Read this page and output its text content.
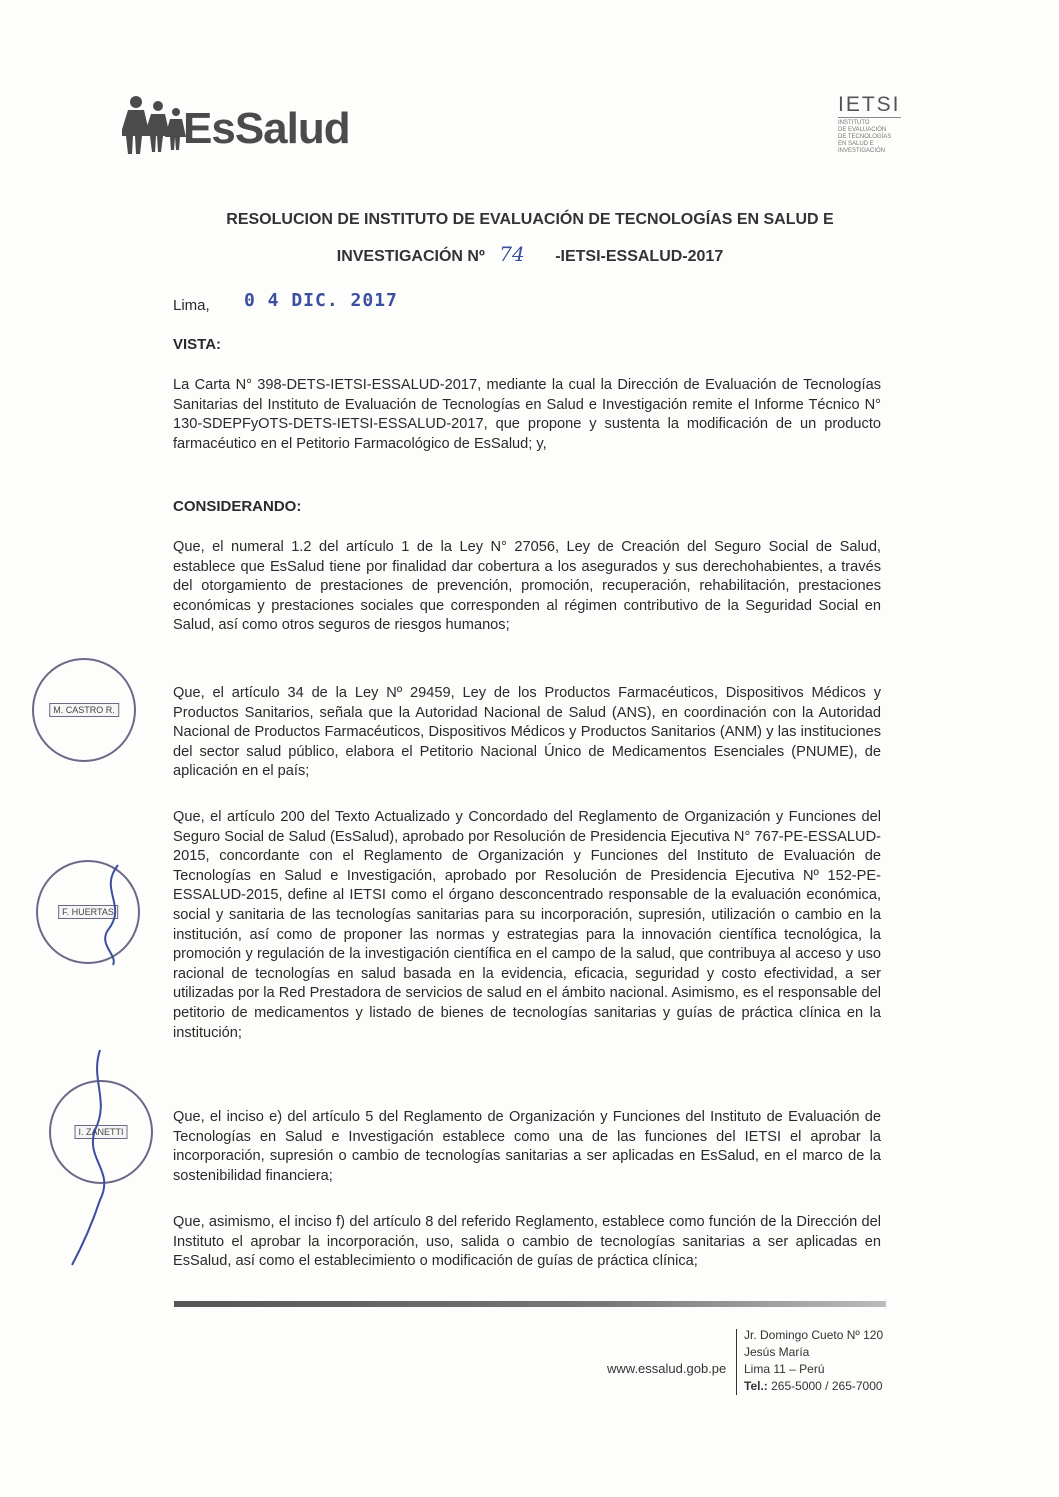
EsSalud	IETSI
INSTITUTO
DE EVALUACIÓN
DE TECNOLOGÍAS
EN SALUD E
INVESTIGACIÓN
RESOLUCION DE INSTITUTO DE EVALUACIÓN DE TECNOLOGÍAS EN SALUD E
INVESTIGACIÓN Nº 74 -IETSI-ESSALUD-2017
Lima, 0 4 DIC. 2017
VISTA:
La Carta N° 398-DETS-IETSI-ESSALUD-2017, mediante la cual la Dirección de Evaluación de Tecnologías Sanitarias del Instituto de Evaluación de Tecnologías en Salud e Investigación remite el Informe Técnico N° 130-SDEPFyOTS-DETS-IETSI-ESSALUD-2017, que propone y sustenta la modificación de un producto farmacéutico en el Petitorio Farmacológico de EsSalud; y,
CONSIDERANDO:
Que, el numeral 1.2 del artículo 1 de la Ley N° 27056, Ley de Creación del Seguro Social de Salud, establece que EsSalud tiene por finalidad dar cobertura a los asegurados y sus derechohabientes, a través del otorgamiento de prestaciones de prevención, promoción, recuperación, rehabilitación, prestaciones económicas y prestaciones sociales que corresponden al régimen contributivo de la Seguridad Social en Salud, así como otros seguros de riesgos humanos;
Que, el artículo 34 de la Ley Nº 29459, Ley de los Productos Farmacéuticos, Dispositivos Médicos y Productos Sanitarios, señala que la Autoridad Nacional de Salud (ANS), en coordinación con la Autoridad Nacional de Productos Farmacéuticos, Dispositivos Médicos y Productos Sanitarios (ANM) y las instituciones del sector salud público, elabora el Petitorio Nacional Único de Medicamentos Esenciales (PNUME), de aplicación en el país;
Que, el artículo 200 del Texto Actualizado y Concordado del Reglamento de Organización y Funciones del Seguro Social de Salud (EsSalud), aprobado por Resolución de Presidencia Ejecutiva N° 767-PE-ESSALUD-2015, concordante con el Reglamento de Organización y Funciones del Instituto de Evaluación de Tecnologías en Salud e Investigación, aprobado por Resolución de Presidencia Ejecutiva Nº 152-PE-ESSALUD-2015, define al IETSI como el órgano desconcentrado responsable de la evaluación económica, social y sanitaria de las tecnologías sanitarias para su incorporación, supresión, utilización o cambio en la institución, así como de proponer las normas y estrategias para la innovación científica tecnológica, la promoción y regulación de la investigación científica en el campo de la salud, que contribuya al acceso y uso racional de tecnologías en salud basada en la evidencia, eficacia, seguridad y costo efectividad, a ser utilizadas por la Red Prestadora de servicios de salud en el ámbito nacional. Asimismo, es el responsable del petitorio de medicamentos y listado de bienes de tecnologías sanitarias y guías de práctica clínica en la institución;
Que, el inciso e) del artículo 5 del Reglamento de Organización y Funciones del Instituto de Evaluación de Tecnologías en Salud e Investigación establece como una de las funciones del IETSI el aprobar la incorporación, supresión o cambio de tecnologías sanitarias a ser aplicadas en EsSalud, en el marco de la sostenibilidad financiera;
Que, asimismo, el inciso f) del artículo 8 del referido Reglamento, establece como función de la Dirección del Instituto el aprobar la incorporación, uso, salida o cambio de tecnologías sanitarias a ser aplicadas en EsSalud, así como el establecimiento o modificación de guías de práctica clínica;
M. CASTRO R.
F. HUERTAS
I. ZANETTI
www.essalud.gob.pe
Jr. Domingo Cueto Nº 120
Jesús María
Lima 11 – Perú
Tel.: 265-5000 / 265-7000
